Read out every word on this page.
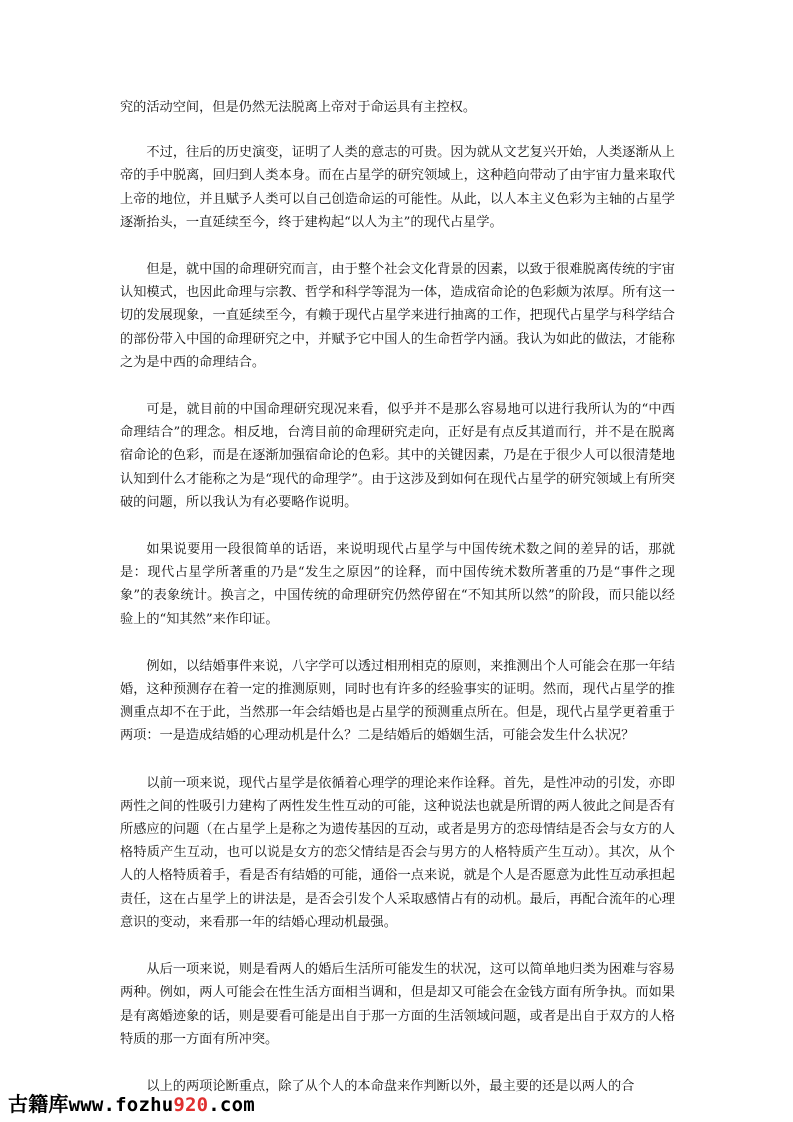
究的活动空间，但是仍然无法脱离上帝对于命运具有主控权。

不过，往后的历史演变，证明了人类的意志的可贵。因为就从文艺复兴开始，人类逐渐从上帝的手中脱离，回归到人类本身。而在占星学的研究领域上，这种趋向带动了由宇宙力量来取代上帝的地位，并且赋予人类可以自己创造命运的可能性。从此，以人本主义色彩为主轴的占星学逐渐抬头，一直延续至今，终于建构起“以人为主”的现代占星学。

但是，就中国的命理研究而言，由于整个社会文化背景的因素，以致于很难脱离传统的宇宙认知模式，也因此命理与宗教、哲学和科学等混为一体，造成宿命论的色彩颇为浓厚。所有这一切的发展现象，一直延续至今，有赖于现代占星学来进行抽离的工作，把现代占星学与科学结合的部份带入中国的命理研究之中，并赋予它中国人的生命哲学内涵。我认为如此的做法，才能称之为是中西的命理结合。

可是，就目前的中国命理研究现况来看，似乎并不是那么容易地可以进行我所认为的“中西命理结合”的理念。相反地，台湾目前的命理研究走向，正好是有点反其道而行，并不是在脱离宿命论的色彩，而是在逐渐加强宿命论的色彩。其中的关键因素，乃是在于很少人可以很清楚地认知到什么才能称之为是“现代的命理学”。由于这涉及到如何在现代占星学的研究领域上有所突破的问题，所以我认为有必要略作说明。

如果说要用一段很简单的话语，来说明现代占星学与中国传统术数之间的差异的话，那就是：现代占星学所著重的乃是“发生之原因”的诠释，而中国传统术数所著重的乃是“事件之现象”的表象统计。换言之，中国传统的命理研究仍然停留在“不知其所以然”的阶段，而只能以经验上的“知其然”来作印证。

例如，以结婚事件来说，八字学可以透过相刑相克的原则，来推测出个人可能会在那一年结婚，这种预测存在着一定的推测原则，同时也有许多的经验事实的证明。然而，现代占星学的推测重点却不在于此，当然那一年会结婚也是占星学的预测重点所在。但是，现代占星学更着重于两项：一是造成结婚的心理动机是什么？二是结婚后的婚姻生活，可能会发生什么状况？

以前一项来说，现代占星学是依循着心理学的理论来作诠释。首先，是性冲动的引发，亦即两性之间的性吸引力建构了两性发生性互动的可能，这种说法也就是所谓的两人彼此之间是否有所感应的问题（在占星学上是称之为遗传基因的互动，或者是男方的恋母情结是否会与女方的人格特质产生互动，也可以说是女方的恋父情结是否会与男方的人格特质产生互动）。其次，从个人的人格特质着手，看是否有结婚的可能，通俗一点来说，就是个人是否愿意为此性互动承担起责任，这在占星学上的讲法是，是否会引发个人采取感情占有的动机。最后，再配合流年的心理意识的变动，来看那一年的结婚心理动机最强。

从后一项来说，则是看两人的婚后生活所可能发生的状况，这可以简单地归类为困难与容易两种。例如，两人可能会在性生活方面相当调和，但是却又可能会在金钱方面有所争执。而如果是有离婚迹象的话，则是要看可能是出自于那一方面的生活领域问题，或者是出自于双方的人格特质的那一方面有所冲突。

以上的两项论断重点，除了从个人的本命盘来作判断以外，最主要的还是以两人的合

古籍库 www.fozhu920.com
